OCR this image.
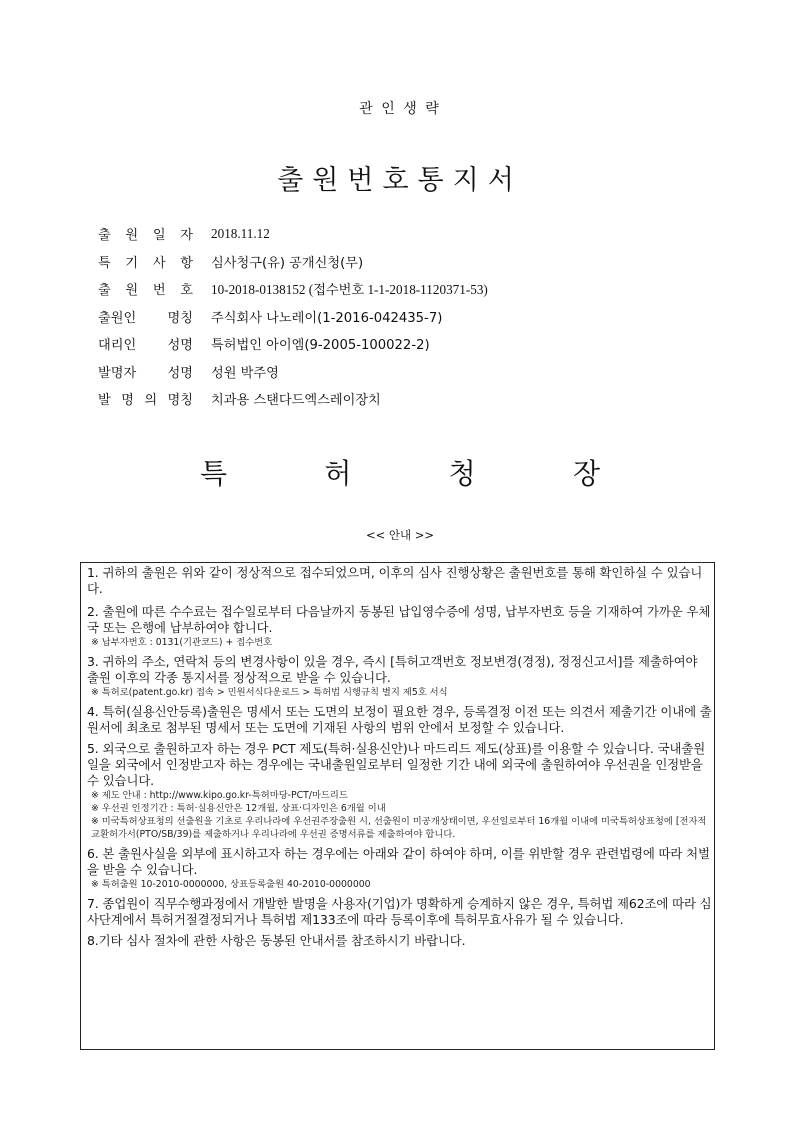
관 인 생 략
출원번호통지서
출 원 일 자 2018.11.12
특 기 사 항 심사청구(유) 공개신청(무)
출 원 번 호 10-2018-0138152 (접수번호 1-1-2018-1120371-53)
출원인 명칭 주식회사 나노레이(1-2016-042435-7)
대리인 성명 특허법인 아이엠(9-2005-100022-2)
발명자 성명 성원 박주영
발 명 의 명칭 치과용 스탠다드엑스레이장치
특	허	청	장
<< 안내 >>

1. 귀하의 출원은 위와 같이 정상적으로 접수되었으며, 이후의 심사 진행상황은 출원번호를 통해 확인하실 수 있습니다.

2. 출원에 따른 수수료는 접수일로부터 다음날까지 동봉된 납입영수증에 성명, 납부자번호 등을 기재하여 가까운 우체국 또는 은행에 납부하여야 합니다.

※ 납부자번호 : 0131(기관코드) + 접수번호

3. 귀하의 주소, 연락처 등의 변경사항이 있을 경우, 즉시 [특허고객번호 정보변경(경정), 정정신고서]를 제출하여야 출원 이후의 각종 통지서를 정상적으로 받을 수 있습니다.

※ 특허로(patent.go.kr) 접속 > 민원서식다운로드 > 특허법 시행규칙 별지 제5호 서식

4. 특허(실용신안등록)출원은 명세서 또는 도면의 보정이 필요한 경우, 등록결정 이전 또는 의견서 제출기간 이내에 출원서에 최초로 첨부된 명세서 또는 도면에 기재된 사항의 범위 안에서 보정할 수 있습니다.

5. 외국으로 출원하고자 하는 경우 PCT 제도(특허·실용신안)나 마드리드 제도(상표)를 이용할 수 있습니다. 국내출원일을 외국에서 인정받고자 하는 경우에는 국내출원일로부터 일정한 기간 내에 외국에 출원하여야 우선권을 인정받을 수 있습니다.

※ 제도 안내 : http://www.kipo.go.kr-특허마당-PCT/마드리드

※ 우선권 인정기간 : 특허·실용신안은 12개월, 상표·디자인은 6개월 이내

※ 미국특허상표청의 선출원을 기초로 우리나라에 우선권주장출원 시, 선출원이 미공개상태이면, 우선일로부터 16개월 이내에 미국특허상표청에 [전자적교환허가서(PTO/SB/39)를 제출하거나 우리나라에 우선권 증명서류를 제출하여야 합니다.

6. 본 출원사실을 외부에 표시하고자 하는 경우에는 아래와 같이 하여야 하며, 이를 위반할 경우 관련법령에 따라 처벌을 받을 수 있습니다.

※ 특허출원 10-2010-0000000, 상표등록출원 40-2010-0000000

7. 종업원이 직무수행과정에서 개발한 발명을 사용자(기업)가 명확하게 승계하지 않은 경우, 특허법 제62조에 따라 심사단계에서 특허거절결정되거나 특허법 제133조에 따라 등록이후에 특허무효사유가 될 수 있습니다.

8.기타 심사 절차에 관한 사항은 동봉된 안내서를 참조하시기 바랍니다.
